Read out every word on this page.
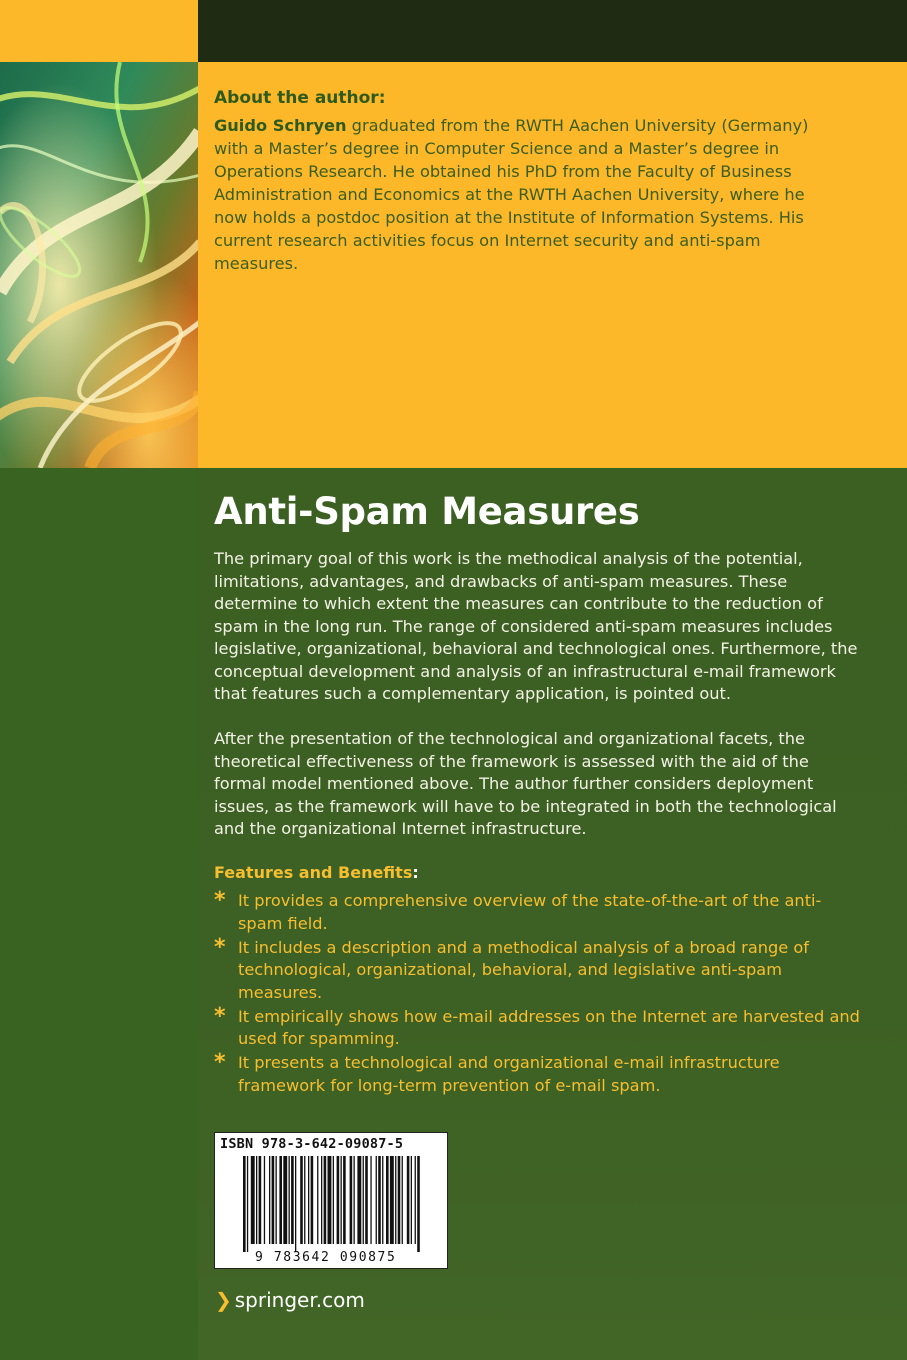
About the author:

Guido Schryen graduated from the RWTH Aachen University (Germany) with a Master’s degree in Computer Science and a Master’s degree in Operations Research. He obtained his PhD from the Faculty of Business Administration and Economics at the RWTH Aachen University, where he now holds a postdoc position at the Institute of Information Systems. His current research activities focus on Internet security and anti-spam measures.

Anti-Spam Measures

The primary goal of this work is the methodical analysis of the potential, limitations, advantages, and drawbacks of anti-spam measures. These determine to which extent the measures can contribute to the reduction of spam in the long run. The range of considered anti-spam measures includes legislative, organizational, behavioral and technological ones. Furthermore, the conceptual development and analysis of an infrastructural e-mail framework that features such a complementary application, is pointed out.

After the presentation of the technological and organizational facets, the theoretical effectiveness of the framework is assessed with the aid of the formal model mentioned above. The author further considers deployment issues, as the framework will have to be integrated in both the technological and the organizational Internet infrastructure.

Features and Benefits:
* It provides a comprehensive overview of the state-of-the-art of the anti-spam field.
* It includes a description and a methodical analysis of a broad range of technological, organizational, behavioral, and legislative anti-spam measures.
* It empirically shows how e-mail addresses on the Internet are harvested and used for spamming.
* It presents a technological and organizational e-mail infrastructure framework for long-term prevention of e-mail spam.

ISBN 978-3-642-09087-5

9 783642 090875

❯ springer.com
